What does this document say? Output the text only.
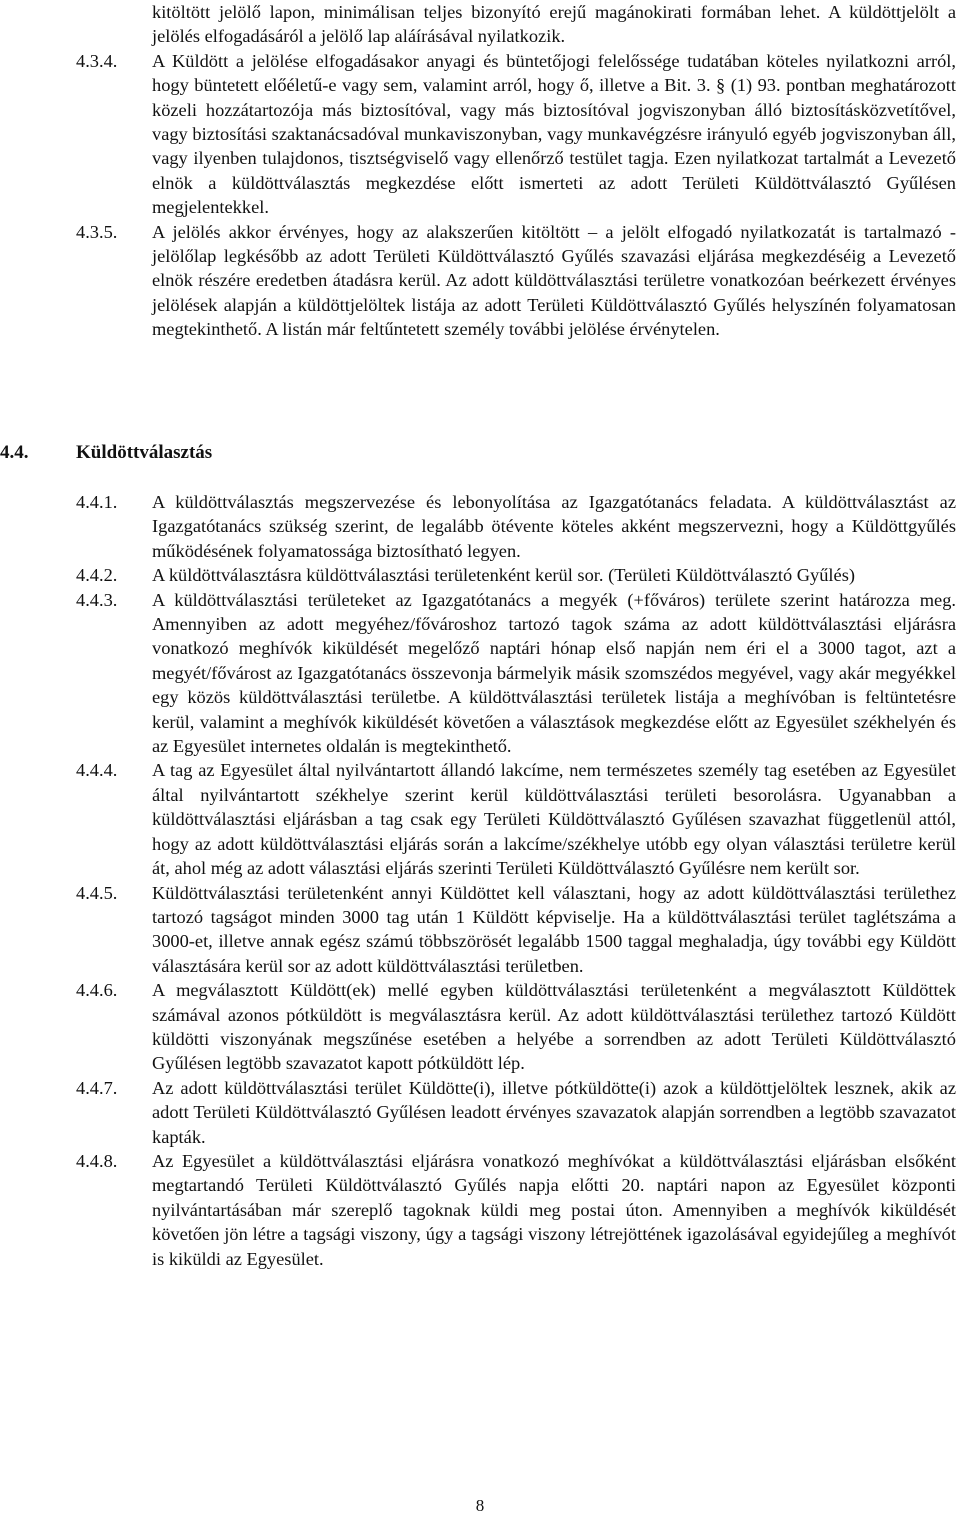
kitöltött jelölő lapon, minimálisan teljes bizonyító erejű magánokirati formában lehet. A küldöttjelölt a jelölés elfogadásáról a jelölő lap aláírásával nyilatkozik.
4.3.4.	A Küldött a jelölése elfogadásakor anyagi és büntetőjogi felelőssége tudatában köteles nyilatkozni arról, hogy büntetett előéletű-e vagy sem, valamint arról, hogy ő, illetve a Bit. 3. § (1) 93. pontban meghatározott közeli hozzátartozója más biztosítóval, vagy más biztosítóval jogviszonyban álló biztosításközvetítővel, vagy biztosítási szaktanácsadóval munkaviszonyban, vagy munkavégzésre irányuló egyéb jogviszonyban áll, vagy ilyenben tulajdonos, tisztségviselő vagy ellenőrző testület tagja. Ezen nyilatkozat tartalmát a Levezető elnök a küldöttválasztás megkezdése előtt ismerteti az adott Területi Küldöttválasztó Gyűlésen megjelentekkel.
4.3.5.	A jelölés akkor érvényes, hogy az alakszerűen kitöltött – a jelölt elfogadó nyilatkozatát is tartalmazó - jelölőlap legkésőbb az adott Területi Küldöttválasztó Gyűlés szavazási eljárása megkezdéséig a Levezető elnök részére eredetben átadásra kerül. Az adott küldöttválasztási területre vonatkozóan beérkezett érvényes jelölések alapján a küldöttjelöltek listája az adott Területi Küldöttválasztó Gyűlés helyszínén folyamatosan megtekinthető. A listán már feltűntetett személy további jelölése érvénytelen.
4.4.	Küldöttválasztás
4.4.1.	A küldöttválasztás megszervezése és lebonyolítása az Igazgatótanács feladata. A küldöttválasztást az Igazgatótanács szükség szerint, de legalább ötévente köteles akként megszervezni, hogy a Küldöttgyűlés működésének folyamatossága biztosítható legyen.
4.4.2.	A küldöttválasztásra küldöttválasztási területenként kerül sor. (Területi Küldöttválasztó Gyűlés)
4.4.3.	A küldöttválasztási területeket az Igazgatótanács a megyék (+főváros) területe szerint határozza meg. Amennyiben az adott megyéhez/fővároshoz tartozó tagok száma az adott küldöttválasztási eljárásra vonatkozó meghívók kiküldését megelőző naptári hónap első napján nem éri el a 3000 tagot, azt a megyét/fővárost az Igazgatótanács összevonja bármelyik másik szomszédos megyével, vagy akár megyékkel egy közös küldöttválasztási területbe. A küldöttválasztási területek listája a meghívóban is feltüntetésre kerül, valamint a meghívók kiküldését követően a választások megkezdése előtt az Egyesület székhelyén és az Egyesület internetes oldalán is megtekinthető.
4.4.4.	A tag az Egyesület által nyilvántartott állandó lakcíme, nem természetes személy tag esetében az Egyesület által nyilvántartott székhelye szerint kerül küldöttválasztási területi besorolásra. Ugyanabban a küldöttválasztási eljárásban a tag csak egy Területi Küldöttválasztó Gyűlésen szavazhat függetlenül attól, hogy az adott küldöttválasztási eljárás során a lakcíme/székhelye utóbb egy olyan választási területre kerül át, ahol még az adott választási eljárás szerinti Területi Küldöttválasztó Gyűlésre nem került sor.
4.4.5.	Küldöttválasztási területenként annyi Küldöttet kell választani, hogy az adott küldöttválasztási területhez tartozó tagságot minden 3000 tag után 1 Küldött képviselje. Ha a küldöttválasztási terület taglétszáma a 3000-et, illetve annak egész számú többszörösét legalább 1500 taggal meghaladja, úgy további egy Küldött választására kerül sor az adott küldöttválasztási területben.
4.4.6.	A megválasztott Küldött(ek) mellé egyben küldöttválasztási területenként a megválasztott Küldöttek számával azonos pótküldött is megválasztásra kerül. Az adott küldöttválasztási területhez tartozó Küldött küldötti viszonyának megszűnése esetében a helyébe a sorrendben az adott Területi Küldöttválasztó Gyűlésen legtöbb szavazatot kapott pótküldött lép.
4.4.7.	Az adott küldöttválasztási terület Küldötte(i), illetve pótküldötte(i) azok a küldöttjelöltek lesznek, akik az adott Területi Küldöttválasztó Gyűlésen leadott érvényes szavazatok alapján sorrendben a legtöbb szavazatot kapták.
4.4.8.	Az Egyesület a küldöttválasztási eljárásra vonatkozó meghívókat a küldöttválasztási eljárásban elsőként megtartandó Területi Küldöttválasztó Gyűlés napja előtti 20. naptári napon az Egyesület központi nyilvántartásában már szereplő tagoknak küldi meg postai úton. Amennyiben a meghívók kiküldését követően jön létre a tagsági viszony, úgy a tagsági viszony létrejöttének igazolásával egyidejűleg a meghívót is kiküldi az Egyesület.
8
